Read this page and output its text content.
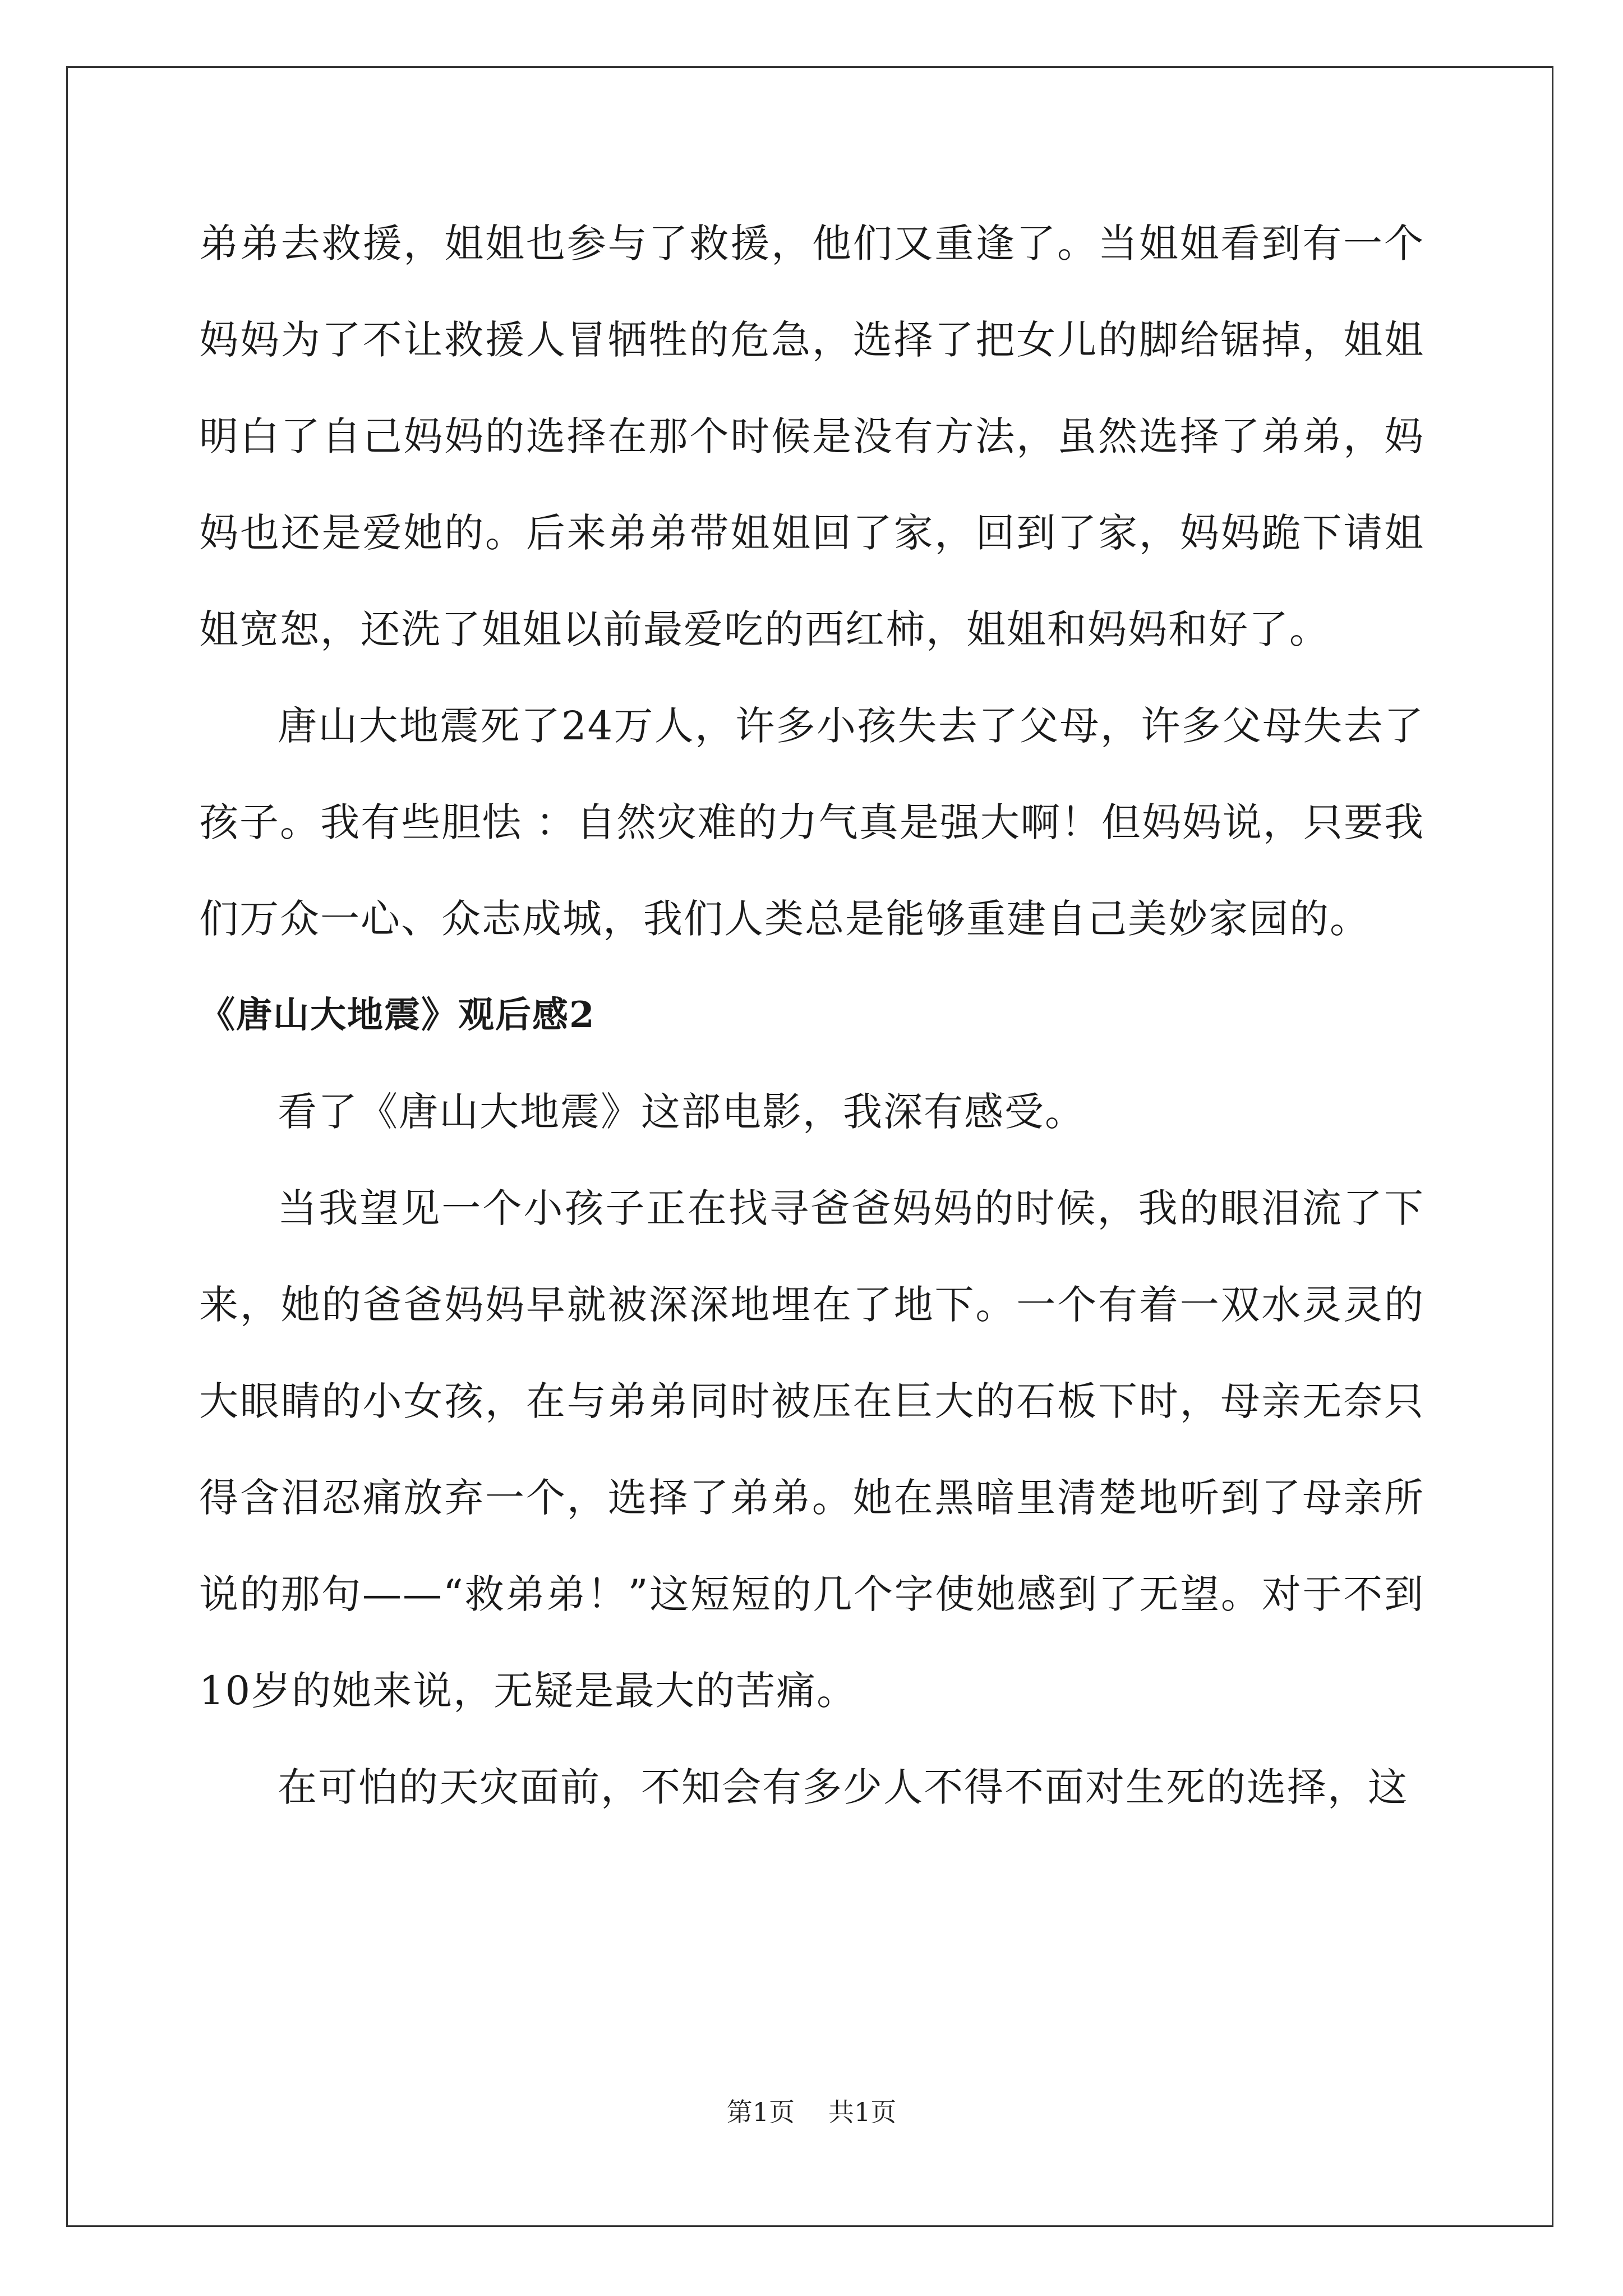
弟弟去救援，姐姐也参与了救援，他们又重逢了。当姐姐看到有一个妈妈为了不让救援人冒牺牲的危急，选择了把女儿的脚给锯掉，姐姐明白了自己妈妈的选择在那个时候是没有方法，虽然选择了弟弟，妈妈也还是爱她的。后来弟弟带姐姐回了家，回到了家，妈妈跪下请姐姐宽恕，还洗了姐姐以前最爱吃的西红柿，姐姐和妈妈和好了。

唐山大地震死了24万人，许多小孩失去了父母，许多父母失去了孩子。我有些胆怯 ：自然灾难的力气真是强大啊！但妈妈说，只要我们万众一心、众志成城，我们人类总是能够重建自己美妙家园的。

《唐山大地震》观后感2

看了《唐山大地震》这部电影，我深有感受。

当我望见一个小孩子正在找寻爸爸妈妈的时候，我的眼泪流了下来，她的爸爸妈妈早就被深深地埋在了地下。一个有着一双水灵灵的大眼睛的小女孩，在与弟弟同时被压在巨大的石板下时，母亲无奈只得含泪忍痛放弃一个，选择了弟弟。她在黑暗里清楚地听到了母亲所说的那句——“救弟弟！”这短短的几个字使她感到了无望。对于不到10岁的她来说，无疑是最大的苦痛。

在可怕的天灾面前，不知会有多少人不得不面对生死的选择，这

第1页 共1页
